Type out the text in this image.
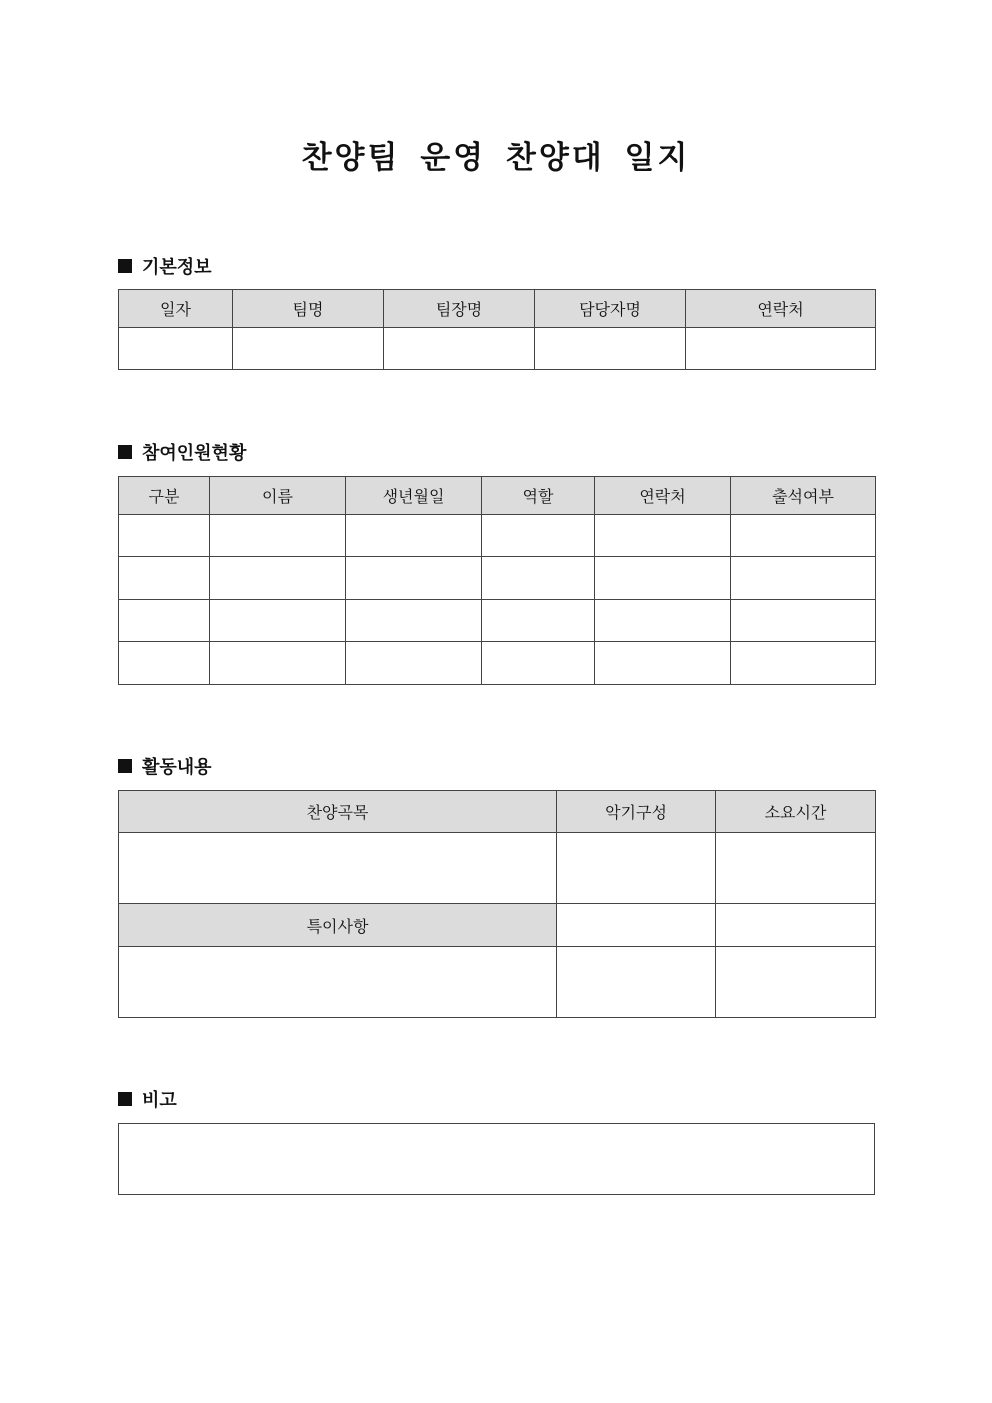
찬양팀 운영 찬양대 일지
기본정보
일자	팀명	팀장명	담당자명	연락처

참여인원현황
구분	이름	생년월일	역할	연락처	출석여부

활동내용
찬양곡목	악기구성	소요시간

특이사항		

비고
